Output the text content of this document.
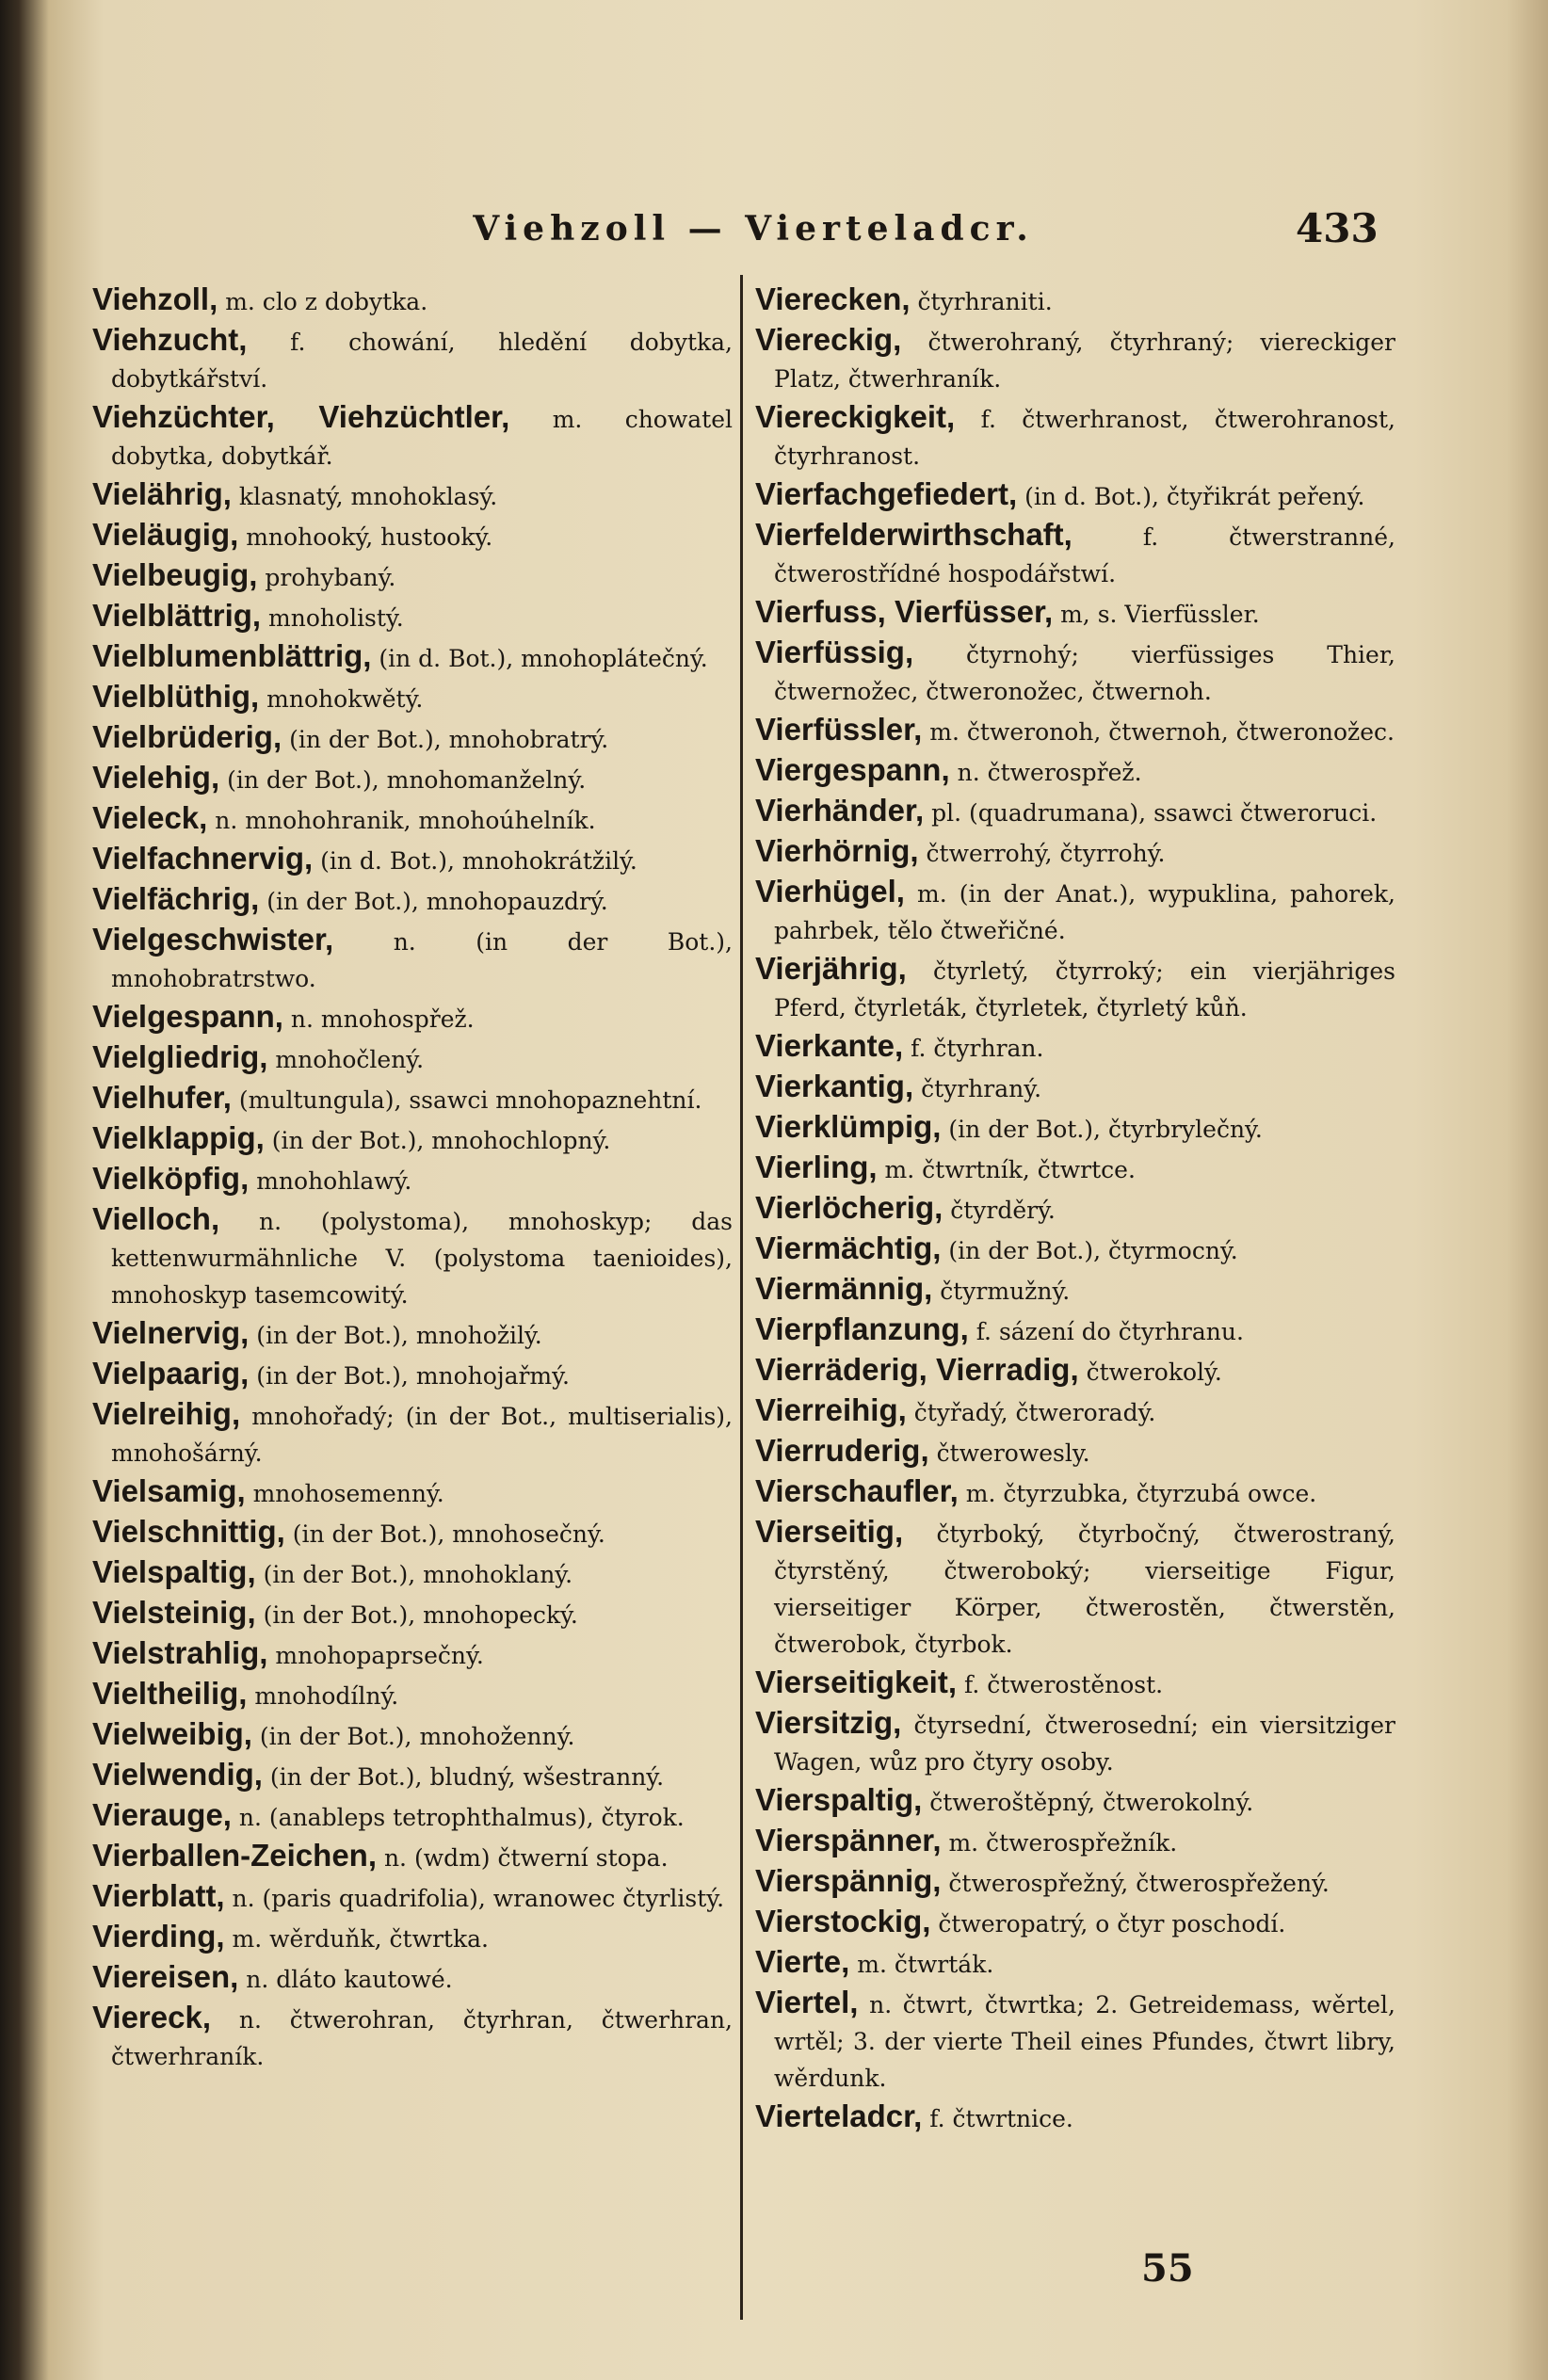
Viehzoll — Vierteladcr.	433
Viehzoll, m. clo z dobytka.
Viehzucht, f. chowání, hledění dobytka, dobytkářství.
Viehzüchter, Viehzüchtler, m. chowatel dobytka, dobytkář.
Vielährig, klasnatý, mnohoklasý.
Vieläugig, mnohooký, hustooký.
Vielbeugig, prohybaný.
Vielblättrig, mnoholistý.
Vielblumenblättrig, (in d. Bot.), mnohoplátečný.
Vielblüthig, mnohokwětý.
Vielbrüderig, (in der Bot.), mnohobratrý.
Vielehig, (in der Bot.), mnohomanželný.
Vieleck, n. mnohohranik, mnohoúhelník.
Vielfachnervig, (in d. Bot.), mnohokrátžilý.
Vielfächrig, (in der Bot.), mnohopauzdrý.
Vielgeschwister, n. (in der Bot.), mnohobratrstwo.
Vielgespann, n. mnohospřež.
Vielgliedrig, mnohočlený.
Vielhufer, (multungula), ssawci mnohopaznehtní.
Vielklappig, (in der Bot.), mnohochlopný.
Vielköpfig, mnohohlawý.
Vielloch, n. (polystoma), mnohoskyp; das kettenwurmähnliche V. (polystoma taenioides), mnohoskyp tasemcowitý.
Vielnervig, (in der Bot.), mnohožilý.
Vielpaarig, (in der Bot.), mnohojařmý.
Vielreihig, mnohořadý; (in der Bot., multiserialis), mnohošárný.
Vielsamig, mnohosemenný.
Vielschnittig, (in der Bot.), mnohosečný.
Vielspaltig, (in der Bot.), mnohoklaný.
Vielsteinig, (in der Bot.), mnohopecký.
Vielstrahlig, mnohopaprsečný.
Vieltheilig, mnohodílný.
Vielweibig, (in der Bot.), mnohoženný.
Vielwendig, (in der Bot.), bludný, wšestranný.
Vierauge, n. (anableps tetrophthalmus), čtyrok.
Vierballen-Zeichen, n. (wdm) čtwerní stopa.
Vierblatt, n. (paris quadrifolia), wranowec čtyrlistý.
Vierding, m. wěrduňk, čtwrtka.
Viereisen, n. dláto kautowé.
Viereck, n. čtwerohran, čtyrhran, čtwerhran, čtwerhraník.
Vierecken, čtyrhraniti.
Viereckig, čtwerohraný, čtyrhraný; viereckiger Platz, čtwerhraník.
Viereckigkeit, f. čtwerhranost, čtwerohranost, čtyrhranost.
Vierfachgefiedert, (in d. Bot.), čtyřikrát peřený.
Vierfelderwirthschaft, f. čtwerstranné, čtwerostřídné hospodářstwí.
Vierfuss, Vierfüsser, m, s. Vierfüssler.
Vierfüssig, čtyrnohý; vierfüssiges Thier, čtwernožec, čtweronožec, čtwernoh.
Vierfüssler, m. čtweronoh, čtwernoh, čtweronožec.
Viergespann, n. čtwerospřež.
Vierhänder, pl. (quadrumana), ssawci čtweroruci.
Vierhörnig, čtwerrohý, čtyrrohý.
Vierhügel, m. (in der Anat.), wypuklina, pahorek, pahrbek, tělo čtweřičné.
Vierjährig, čtyrletý, čtyrroký; ein vierjähriges Pferd, čtyrleták, čtyrletek, čtyrletý kůň.
Vierkante, f. čtyrhran.
Vierkantig, čtyrhraný.
Vierklümpig, (in der Bot.), čtyrbrylečný.
Vierling, m. čtwrtník, čtwrtce.
Vierlöcherig, čtyrděrý.
Viermächtig, (in der Bot.), čtyrmocný.
Viermännig, čtyrmužný.
Vierpflanzung, f. sázení do čtyrhranu.
Vierräderig, Vierradig, čtwerokolý.
Vierreihig, čtyřadý, čtweroradý.
Vierruderig, čtwerowesly.
Vierschaufler, m. čtyrzubka, čtyrzubá owce.
Vierseitig, čtyrboký, čtyrbočný, čtwerostraný, čtyrstěný, čtweroboký; vierseitige Figur, vierseitiger Körper, čtwerostěn, čtwerstěn, čtwerobok, čtyrbok.
Vierseitigkeit, f. čtwerostěnost.
Viersitzig, čtyrsední, čtwerosední; ein viersitziger Wagen, wůz pro čtyry osoby.
Vierspaltig, čtweroštěpný, čtwerokolný.
Vierspänner, m. čtwerospřežník.
Vierspännig, čtwerospřežný, čtwerospřežený.
Vierstockig, čtweropatrý, o čtyr poschodí.
Vierte, m. čtwrták.
Viertel, n. čtwrt, čtwrtka; 2. Getreidemass, wěrtel, wrtěl; 3. der vierte Theil eines Pfundes, čtwrt libry, wěrdunk.
Vierteladcr, f. čtwrtnice.
55
